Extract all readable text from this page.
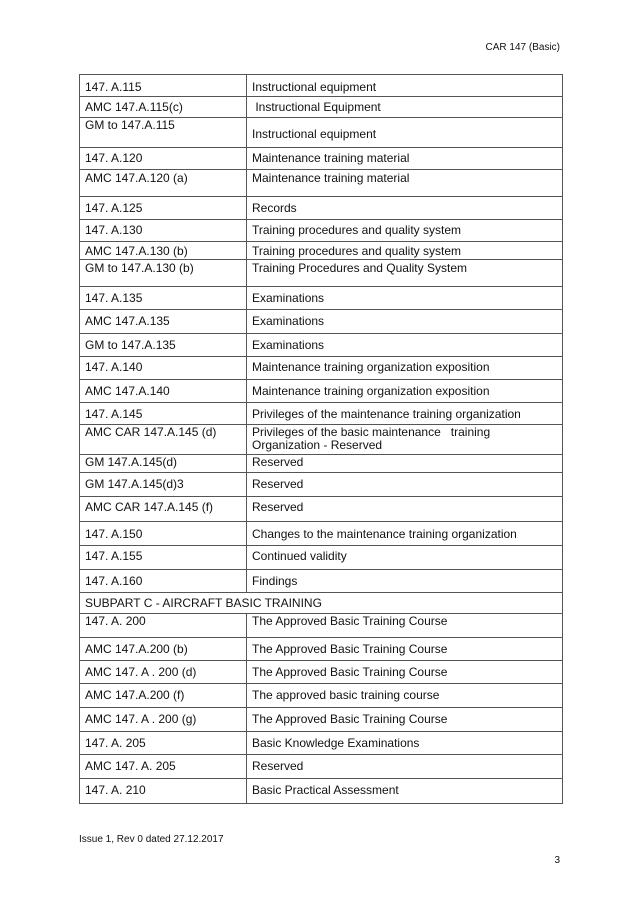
CAR 147 (Basic)
147. A.115	Instructional equipment
AMC 147.A.115(c)	Instructional Equipment
GM to 147.A.115	Instructional equipment
147. A.120	Maintenance training material
AMC 147.A.120 (a)	Maintenance training material
147. A.125	Records
147. A.130	Training procedures and quality system
AMC 147.A.130 (b)	Training procedures and quality system
GM to 147.A.130 (b)	Training Procedures and Quality System
147. A.135	Examinations
AMC 147.A.135	Examinations
GM to 147.A.135	Examinations
147. A.140	Maintenance training organization exposition
AMC 147.A.140	Maintenance training organization exposition
147. A.145	Privileges of the maintenance training organization
AMC CAR 147.A.145 (d)	Privileges of the basic maintenance   training Organization - Reserved
GM 147.A.145(d)	Reserved
GM 147.A.145(d)3	Reserved
AMC CAR 147.A.145 (f)	Reserved
147. A.150	Changes to the maintenance training organization
147. A.155	Continued validity
147. A.160	Findings
SUBPART C - AIRCRAFT BASIC TRAINING	
147. A. 200	The Approved Basic Training Course
AMC 147.A.200 (b)	The Approved Basic Training Course
AMC 147. A . 200 (d)	The Approved Basic Training Course
AMC 147.A.200 (f)	The approved basic training course
AMC 147. A . 200 (g)	The Approved Basic Training Course
147. A. 205	Basic Knowledge Examinations
AMC 147. A. 205	Reserved
147. A. 210	Basic Practical Assessment
Issue 1, Rev 0 dated 27.12.2017
3
